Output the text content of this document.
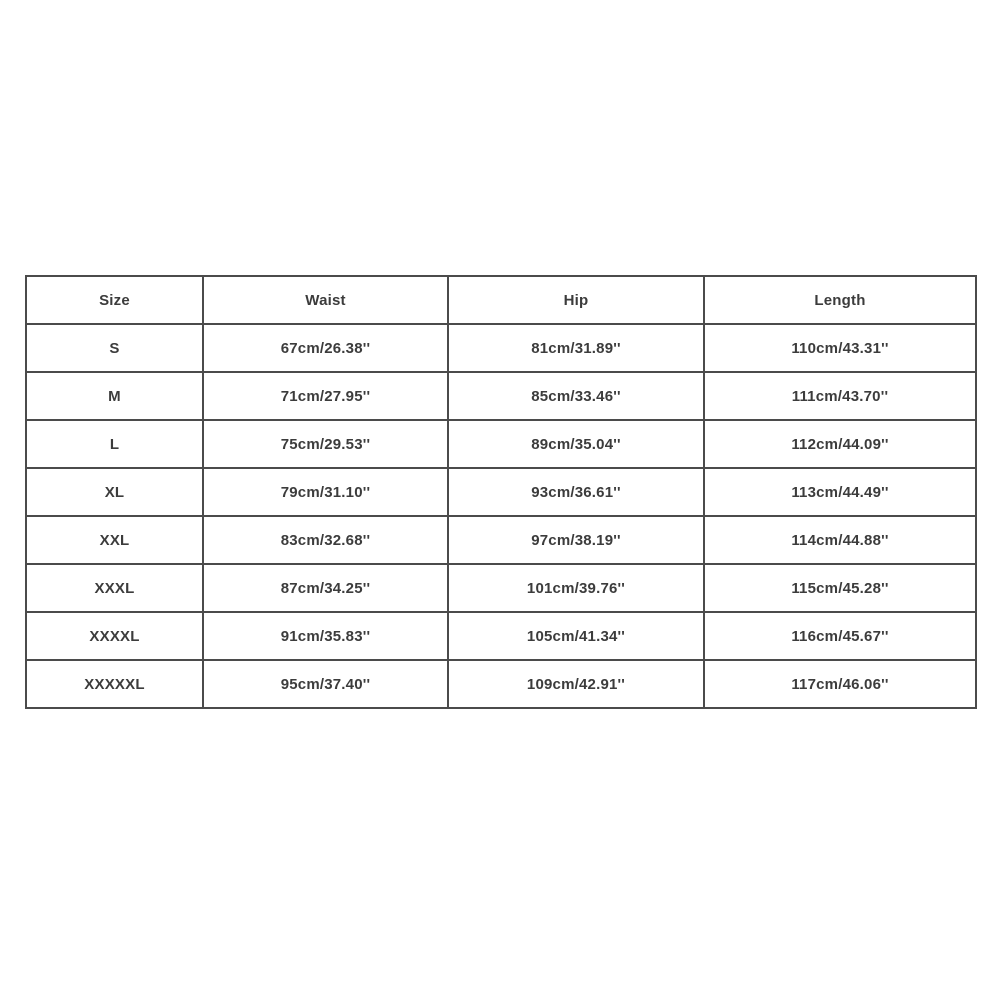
Size	Waist	Hip	Length
S	67cm/26.38''	81cm/31.89''	110cm/43.31''
M	71cm/27.95''	85cm/33.46''	111cm/43.70''
L	75cm/29.53''	89cm/35.04''	112cm/44.09''
XL	79cm/31.10''	93cm/36.61''	113cm/44.49''
XXL	83cm/32.68''	97cm/38.19''	114cm/44.88''
XXXL	87cm/34.25''	101cm/39.76''	115cm/45.28''
XXXXL	91cm/35.83''	105cm/41.34''	116cm/45.67''
XXXXXL	95cm/37.40''	109cm/42.91''	117cm/46.06''
